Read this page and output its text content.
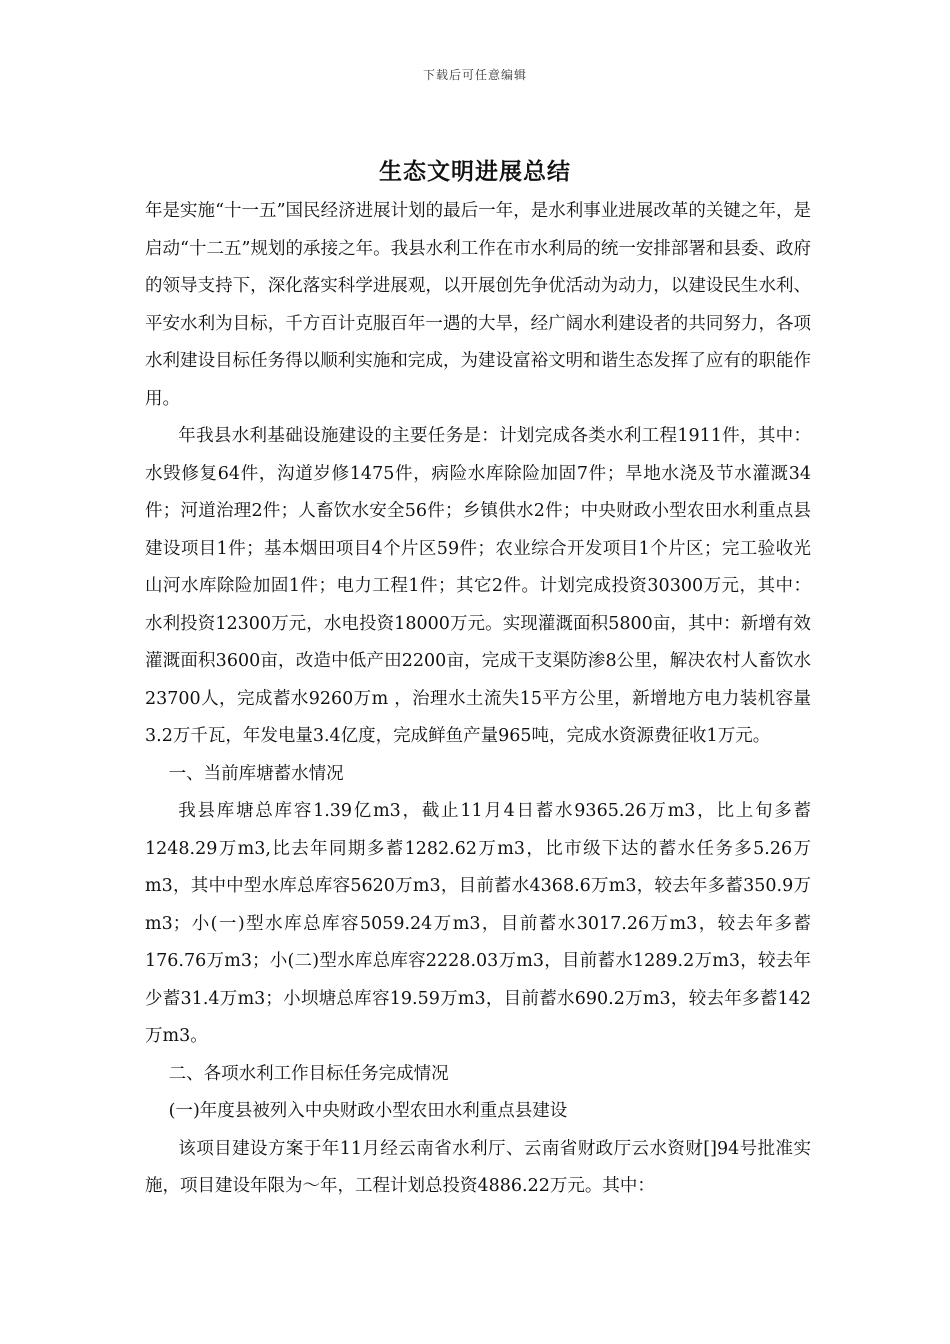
下载后可任意编辑
生态文明进展总结

年是实施“十一五”国民经济进展计划的最后一年，是水利事业进展改革的关键之年，是启动“十二五”规划的承接之年。我县水利工作在市水利局的统一安排部署和县委、政府的领导支持下，深化落实科学进展观，以开展创先争优活动为动力，以建设民生水利、平安水利为目标，千方百计克服百年一遇的大旱，经广阔水利建设者的共同努力，各项水利建设目标任务得以顺利实施和完成，为建设富裕文明和谐生态发挥了应有的职能作用。

年我县水利基础设施建设的主要任务是：计划完成各类水利工程1911件，其中：水毁修复64件，沟道岁修1475件，病险水库除险加固7件；旱地水浇及节水灌溉34件；河道治理2件；人畜饮水安全56件；乡镇供水2件；中央财政小型农田水利重点县建设项目1件；基本烟田项目4个片区59件；农业综合开发项目1个片区；完工验收光山河水库除险加固1件；电力工程1件；其它2件。计划完成投资30300万元，其中：水利投资12300万元，水电投资18000万元。实现灌溉面积5800亩，其中：新增有效灌溉面积3600亩，改造中低产田2200亩，完成干支渠防渗8公里，解决农村人畜饮水23700人，完成蓄水9260万m ，治理水土流失15平方公里，新增地方电力装机容量3.2万千瓦，年发电量3.4亿度，完成鲜鱼产量965吨，完成水资源费征收1万元。

一、当前库塘蓄水情况

我县库塘总库容1.39亿m3，截止11月4日蓄水9365.26万m3，比上旬多蓄1248.29万m3,比去年同期多蓄1282.62万m3，比市级下达的蓄水任务多5.26万m3，其中中型水库总库容5620万m3，目前蓄水4368.6万m3，较去年多蓄350.9万m3；小(一)型水库总库容5059.24万m3，目前蓄水3017.26万m3，较去年多蓄176.76万m3；小(二)型水库总库容2228.03万m3，目前蓄水1289.2万m3，较去年少蓄31.4万m3；小坝塘总库容19.59万m3，目前蓄水690.2万m3，较去年多蓄142万m3。

二、各项水利工作目标任务完成情况

(一)年度县被列入中央财政小型农田水利重点县建设

该项目建设方案于年11月经云南省水利厅、云南省财政厅云水资财[]94号批准实施，项目建设年限为～年，工程计划总投资4886.22万元。其中：
